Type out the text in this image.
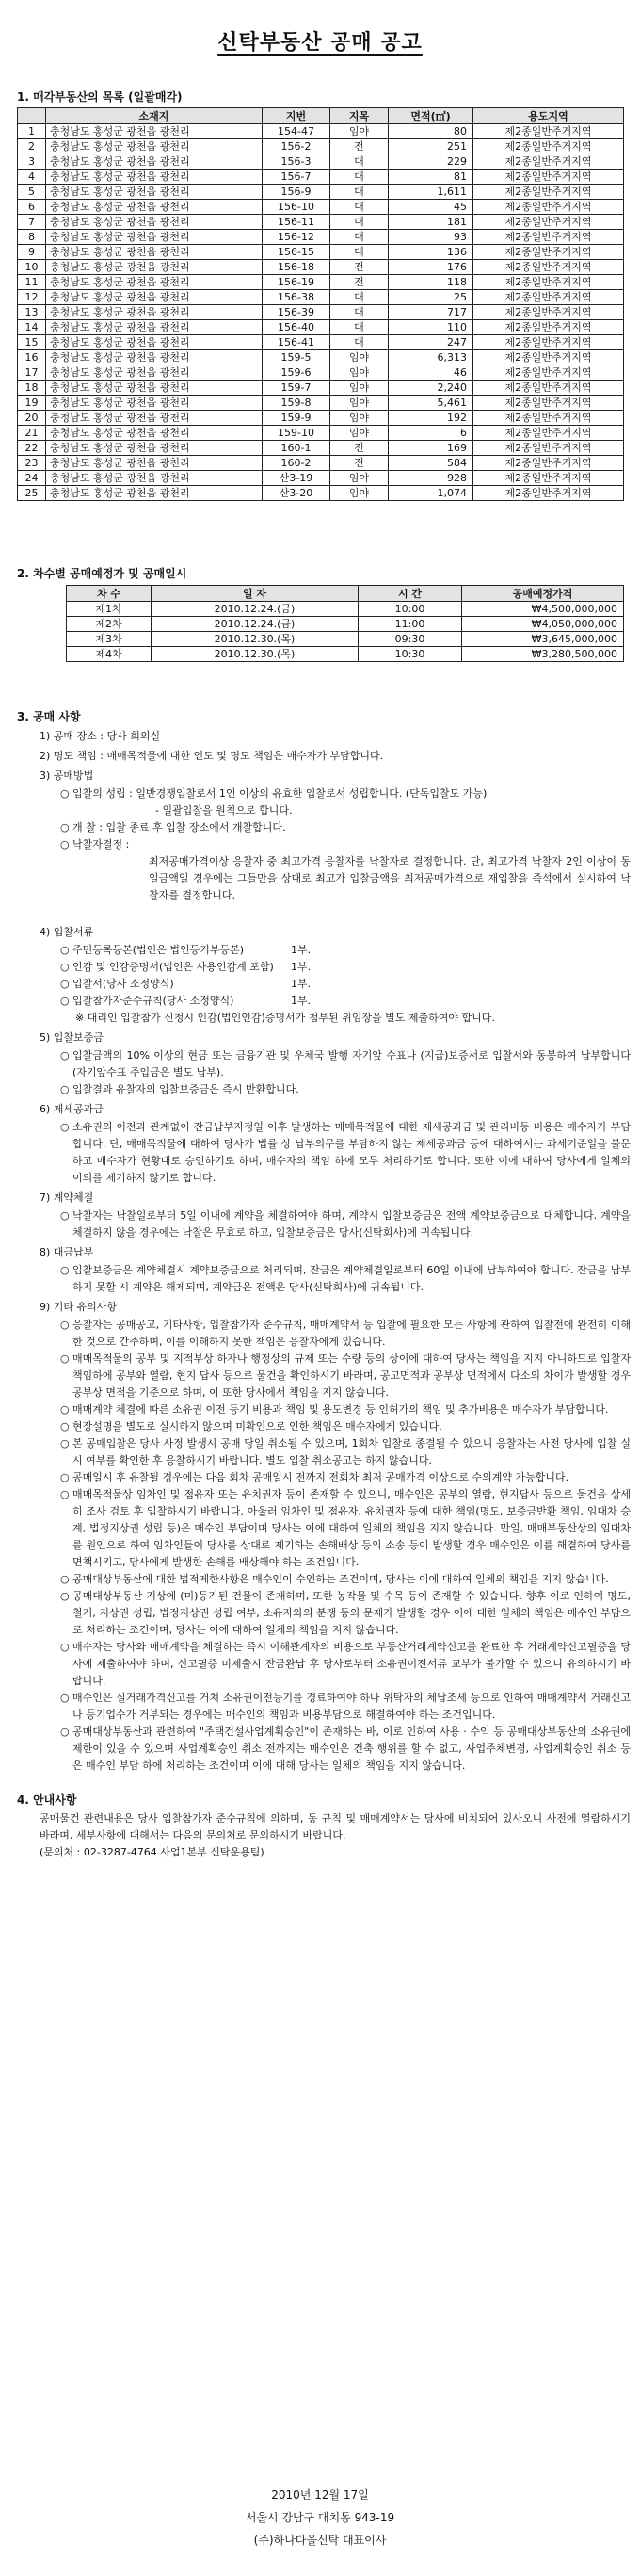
신탁부동산 공매 공고
1. 매각부동산의 목록 (일괄매각)
	소재지	지번	지목	면적(㎡)	용도지역
1	충청남도 홍성군 광천읍 광천리	154-47	임야	80	제2종일반주거지역
2	충청남도 홍성군 광천읍 광천리	156-2	전	251	제2종일반주거지역
3	충청남도 홍성군 광천읍 광천리	156-3	대	229	제2종일반주거지역
4	충청남도 홍성군 광천읍 광천리	156-7	대	81	제2종일반주거지역
5	충청남도 홍성군 광천읍 광천리	156-9	대	1,611	제2종일반주거지역
6	충청남도 홍성군 광천읍 광천리	156-10	대	45	제2종일반주거지역
7	충청남도 홍성군 광천읍 광천리	156-11	대	181	제2종일반주거지역
8	충청남도 홍성군 광천읍 광천리	156-12	대	93	제2종일반주거지역
9	충청남도 홍성군 광천읍 광천리	156-15	대	136	제2종일반주거지역
10	충청남도 홍성군 광천읍 광천리	156-18	전	176	제2종일반주거지역
11	충청남도 홍성군 광천읍 광천리	156-19	전	118	제2종일반주거지역
12	충청남도 홍성군 광천읍 광천리	156-38	대	25	제2종일반주거지역
13	충청남도 홍성군 광천읍 광천리	156-39	대	717	제2종일반주거지역
14	충청남도 홍성군 광천읍 광천리	156-40	대	110	제2종일반주거지역
15	충청남도 홍성군 광천읍 광천리	156-41	대	247	제2종일반주거지역
16	충청남도 홍성군 광천읍 광천리	159-5	임야	6,313	제2종일반주거지역
17	충청남도 홍성군 광천읍 광천리	159-6	임야	46	제2종일반주거지역
18	충청남도 홍성군 광천읍 광천리	159-7	임야	2,240	제2종일반주거지역
19	충청남도 홍성군 광천읍 광천리	159-8	임야	5,461	제2종일반주거지역
20	충청남도 홍성군 광천읍 광천리	159-9	임야	192	제2종일반주거지역
21	충청남도 홍성군 광천읍 광천리	159-10	임야	6	제2종일반주거지역
22	충청남도 홍성군 광천읍 광천리	160-1	전	169	제2종일반주거지역
23	충청남도 홍성군 광천읍 광천리	160-2	전	584	제2종일반주거지역
24	충청남도 홍성군 광천읍 광천리	산3-19	임야	928	제2종일반주거지역
25	충청남도 홍성군 광천읍 광천리	산3-20	임야	1,074	제2종일반주거지역
2. 차수별 공매예정가 및 공매일시
차 수	일 자	시 간	공매예정가격
제1차	2010.12.24.(금)	10:00	₩4,500,000,000
제2차	2010.12.24.(금)	11:00	₩4,050,000,000
제3차	2010.12.30.(목)	09:30	₩3,645,000,000
제4차	2010.12.30.(목)	10:30	₩3,280,500,000
3. 공매 사항
1) 공매 장소 : 당사 회의실
2) 명도 책임 : 매매목적물에 대한 인도 및 명도 책임은 매수자가 부담합니다.
3) 공매방법
○ 입찰의 성립 : 일반경쟁입찰로서 1인 이상의 유효한 입찰로서 성립합니다. (단독입찰도 가능)
- 일괄입찰을 원칙으로 합니다.
○ 개 찰 : 입찰 종료 후 입찰 장소에서 개찰합니다.
○ 낙찰자결정 :
최저공매가격이상 응찰자 중 최고가격 응찰자를 낙찰자로 결정합니다. 단, 최고가격 낙찰자 2인 이상이 동일금액일 경우에는 그들만을 상대로 최고가 입찰금액을 최저공매가격으로 재입찰을 즉석에서 실시하여 낙찰자를 결정합니다.
4) 입찰서류
○ 주민등록등본(법인은 법인등기부등본)	1부.
○ 인감 및 인감증명서(법인은 사용인감계 포함) 1부.
○ 입찰서(당사 소정양식)	1부.
○ 입찰참가자준수규칙(당사 소정양식)	1부.
※ 대리인 입찰참가 신청시 인감(법인인감)증명서가 첨부된 위임장을 별도 제출하여야 합니다.
5) 입찰보증금
○ 입찰금액의 10% 이상의 현금 또는 금융기관 및 우체국 발행 자기앞 수표나 (지급)보증서로 입찰서와 동봉하여 납부합니다(자기앞수표 주입금은 별도 납부).
○ 입찰결과 유찰자의 입찰보증금은 즉시 반환합니다.
6) 제세공과금
○ 소유권의 이전과 관계없이 잔금납부지정일 이후 발생하는 매매목적물에 대한 제세공과금 및 관리비등 비용은 매수자가 부담합니다. 단, 매매목적물에 대하여 당사가 법률 상 납부의무를 부담하지 않는 제세공과금 등에 대하여서는 과세기준일을 불문하고 매수자가 현황대로 승인하기로 하며, 매수자의 책임 하에 모두 처리하기로 합니다. 또한 이에 대하여 당사에게 일체의 이의를 제기하지 않기로 합니다.
7) 계약체결
○ 낙찰자는 낙찰일로부터 5일 이내에 계약을 체결하여야 하며, 계약시 입찰보증금은 전액 계약보증금으로 대체합니다. 계약을 체결하지 않을 경우에는 낙찰은 무효로 하고, 입찰보증금은 당사(신탁회사)에 귀속됩니다.
8) 대금납부
○ 입찰보증금은 계약체결시 계약보증금으로 처리되며, 잔금은 계약체결일로부터 60일 이내에 납부하여야 합니다. 잔금을 납부하지 못할 시 계약은 해제되며, 계약금은 전액은 당사(신탁회사)에 귀속됩니다.
9) 기타 유의사항
○ 응찰자는 공매공고, 기타사항, 입찰참가자 준수규칙, 매매계약서 등 입찰에 필요한 모든 사항에 관하여 입찰전에 완전히 이해한 것으로 간주하며, 이를 이해하지 못한 책임은 응찰자에게 있습니다.
○ 매매목적물의 공부 및 지적부상 하자나 행정상의 규제 또는 수량 등의 상이에 대하여 당사는 책임을 지지 아니하므로 입찰자 책임하에 공부와 열람, 현지 답사 등으로 물건을 확인하시기 바라며, 공고면적과 공부상 면적에서 다소의 차이가 발생할 경우 공부상 면적을 기준으로 하며, 이 또한 당사에서 책임을 지지 않습니다.
○ 매매계약 체결에 따른 소유권 이전 등기 비용과 책임 및 용도변경 등 인허가의 책임 및 추가비용은 매수자가 부담합니다.
○ 현장설명을 별도로 실시하지 않으며 미확인으로 인한 책임은 매수자에게 있습니다.
○ 본 공매입찰은 당사 사정 발생시 공매 당일 취소될 수 있으며, 1회차 입찰로 종결될 수 있으니 응찰자는 사전 당사에 입찰 실시 여부를 확인한 후 응찰하시기 바랍니다. 별도 입찰 취소공고는 하지 않습니다.
○ 공매일시 후 유찰될 경우에는 다음 회차 공매일시 전까지 전회차 최저 공매가격 이상으로 수의계약 가능합니다.
○ 매매목적물상 임차인 및 점유자 또는 유치권자 등이 존재할 수 있으니, 매수인은 공부의 열람, 현지답사 등으로 물건을 상세히 조사 검토 후 입찰하시기 바랍니다. 아울러 임차인 및 점유자, 유치권자 등에 대한 책임(명도, 보증금반환 책임, 임대차 승계, 법정지상권 성립 등)은 매수인 부담이며 당사는 이에 대하여 일체의 책임을 지지 않습니다. 만일, 매매부동산상의 임대차를 원인으로 하여 임차인들이 당사를 상대로 제기하는 손해배상 등의 소송 등이 발생할 경우 매수인은 이를 해결하여 당사를 면책시키고, 당사에게 발생한 손해를 배상해야 하는 조건입니다.
○ 공매대상부동산에 대한 법적제한사항은 매수인이 수인하는 조건이며, 당사는 이에 대하여 일체의 책임을 지지 않습니다.
○ 공매대상부동산 지상에 (미)등기된 건물이 존재하며, 또한 농작물 및 수목 등이 존재할 수 있습니다. 향후 이로 인하여 명도, 철거, 지상권 성립, 법정지상권 성립 여부, 소유자와의 분쟁 등의 문제가 발생할 경우 이에 대한 일체의 책임은 매수인 부담으로 처리하는 조건이며, 당사는 이에 대하여 일체의 책임을 지지 않습니다.
○ 매수자는 당사와 매매계약을 체결하는 즉시 이해관계자의 비용으로 부동산거래계약신고를 완료한 후 거래계약신고필증을 당사에 제출하여야 하며, 신고필증 미제출시 잔금완납 후 당사로부터 소유권이전서류 교부가 불가할 수 있으니 유의하시기 바랍니다.
○ 매수인은 실거래가격신고를 거쳐 소유권이전등기를 경료하여야 하나 위탁자의 체납조세 등으로 인하여 매매계약서 거래신고나 등기업수가 거부되는 경우에는 매수인의 책임과 비용부담으로 해결하여야 하는 조건입니다.
○ 공매대상부동산과 관련하여 "주택건설사업계획승인"이 존재하는 바, 이로 인하여 사용 · 수익 등 공매대상부동산의 소유권에 제한이 있을 수 있으며 사업계획승인 취소 전까지는 매수인은 건축 행위를 할 수 없고, 사업주체변경, 사업계획승인 취소 등은 매수인 부담 하에 처리하는 조건이며 이에 대해 당사는 일체의 책임을 지지 않습니다.
4. 안내사항
공매물건 관련내용은 당사 입찰참가자 준수규칙에 의하며, 동 규칙 및 매매계약서는 당사에 비치되어 있사오니 사전에 열람하시기 바라며, 세부사항에 대해서는 다음의 문의처로 문의하시기 바랍니다.
(문의처 : 02-3287-4764 사업1본부 신탁운용팀)
2010년 12월 17일
서울시 강남구 대치동 943-19
(주)하나다올신탁 대표이사
